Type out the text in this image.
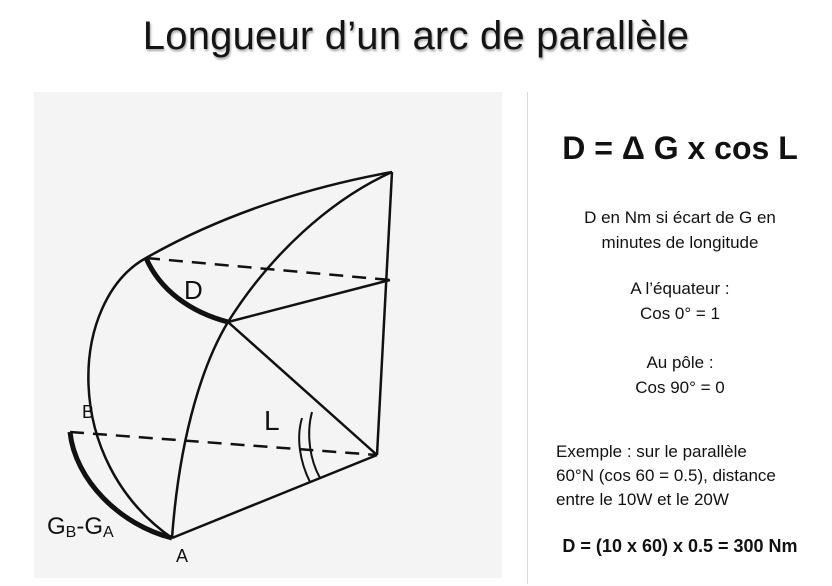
Longueur d’un arc de parallèle
D
B	L
A
GB-GA
D = Δ G x cos L
D en Nm si écart de G en
minutes de longitude
A l’équateur :
Cos 0° = 1
Au pôle :
Cos 90° = 0
Exemple : sur le parallèle
60°N (cos 60 = 0.5), distance
entre le 10W et le 20W
D = (10 x 60) x 0.5 = 300 Nm
